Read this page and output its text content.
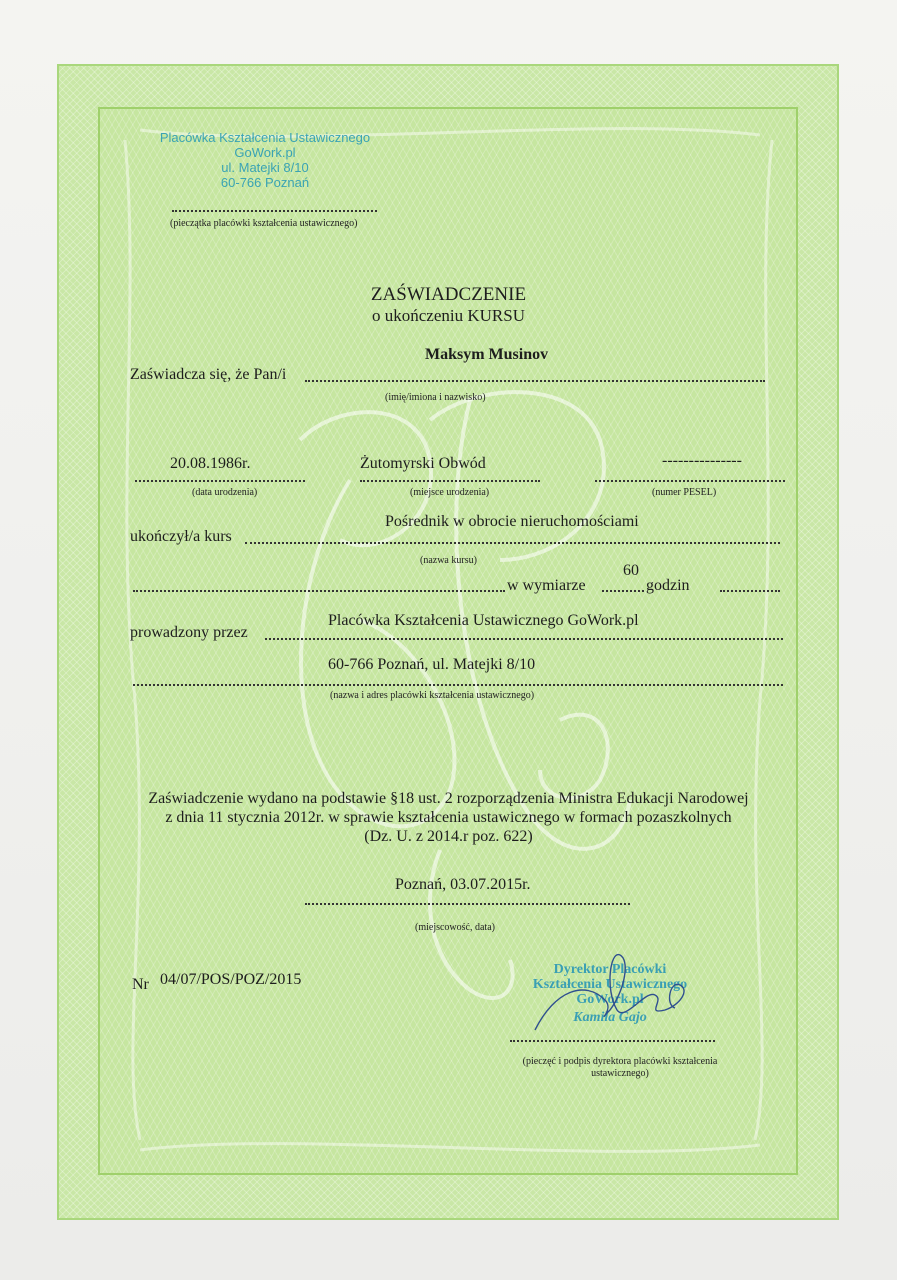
Placówka Kształcenia Ustawicznego
GoWork.pl
ul. Matejki 8/10
60-766 Poznań
(pieczątka placówki kształcenia ustawicznego)
ZAŚWIADCZENIE
o ukończeniu KURSU
Maksym Musinov
Zaświadcza się, że Pan/i
(imię/imiona i nazwisko)
20.08.1986r.	Żutomyrski Obwód	---------------
(data urodzenia)	(miejsce urodzenia)	(numer PESEL)
Pośrednik w obrocie nieruchomościami
ukończył/a kurs
(nazwa kursu)
60
w wymiarze	godzin
Placówka Kształcenia Ustawicznego GoWork.pl
prowadzony przez
60-766 Poznań, ul. Matejki 8/10
(nazwa i adres placówki kształcenia ustawicznego)
Zaświadczenie wydano na podstawie §18 ust. 2 rozporządzenia Ministra Edukacji Narodowej
z dnia 11 stycznia 2012r. w sprawie kształcenia ustawicznego w formach pozaszkolnych
(Dz. U. z 2014.r poz. 622)
Poznań, 03.07.2015r.
(miejscowość, data)
Nr 04/07/POS/POZ/2015
Dyrektor Placówki
Kształcenia Ustawicznego
GoWork.pl
Kamila Gajo
(pieczęć i podpis dyrektora placówki kształcenia
ustawicznego)
